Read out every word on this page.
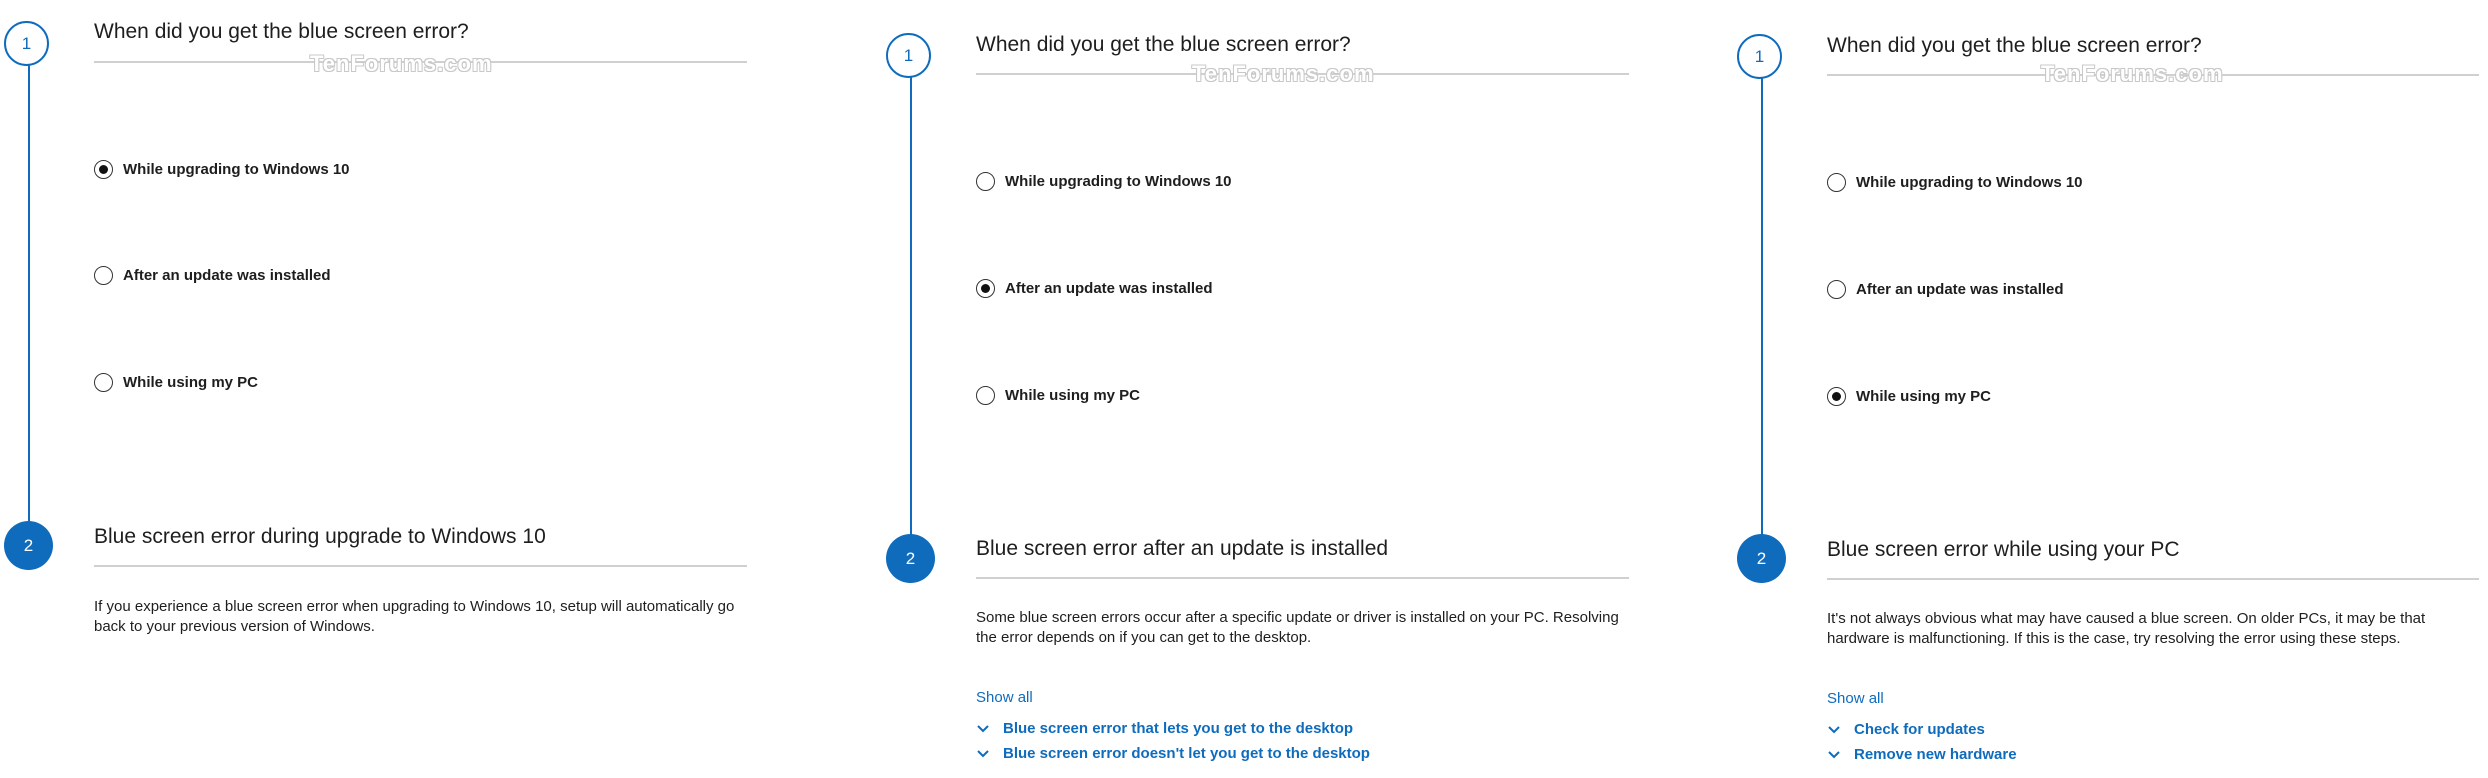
1	When did you get the blue screen error?
TenForums.com
While upgrading to Windows 10
After an update was installed
While using my PC
2	Blue screen error during upgrade to Windows 10
If you experience a blue screen error when upgrading to Windows 10, setup will automatically go back to your previous version of Windows.
1	When did you get the blue screen error?
TenForums.com
While upgrading to Windows 10
After an update was installed
While using my PC
2	Blue screen error after an update is installed
Some blue screen errors occur after a specific update or driver is installed on your PC. Resolving the error depends on if you can get to the desktop.
Show all
Blue screen error that lets you get to the desktop
Blue screen error doesn't let you get to the desktop
1	When did you get the blue screen error?
TenForums.com
While upgrading to Windows 10
After an update was installed
While using my PC
2	Blue screen error while using your PC
It's not always obvious what may have caused a blue screen. On older PCs, it may be that hardware is malfunctioning. If this is the case, try resolving the error using these steps.
Show all
Check for updates
Remove new hardware
